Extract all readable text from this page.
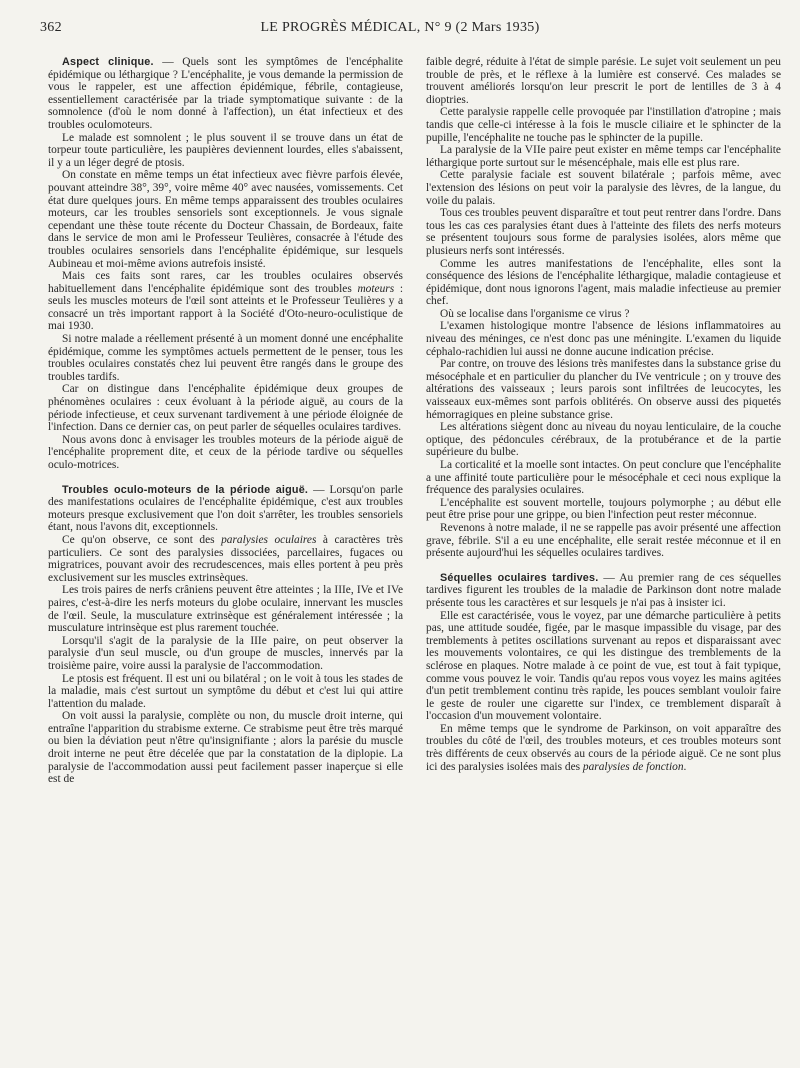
362	LE PROGRÈS MÉDICAL, N° 9 (2 Mars 1935)

Aspect clinique. — Quels sont les symptômes de l'encéphalite épidémique ou léthargique ? L'encéphalite, je vous demande la permission de vous le rappeler, est une affection épidémique, fébrile, contagieuse, essentiellement caractérisée par la triade symptomatique suivante : de la somnolence (d'où le nom donné à l'affection), un état infectieux et des troubles oculomoteurs.

Le malade est somnolent ; le plus souvent il se trouve dans un état de torpeur toute particulière, les paupières deviennent lourdes, elles s'abaissent, il y a un léger degré de ptosis.

On constate en même temps un état infectieux avec fièvre parfois élevée, pouvant atteindre 38°, 39°, voire même 40° avec nausées, vomissements. Cet état dure quelques jours. En même temps apparaissent des troubles oculaires moteurs, car les troubles sensoriels sont exceptionnels. Je vous signale cependant une thèse toute récente du Docteur Chassain, de Bordeaux, faite dans le service de mon ami le Professeur Teulières, consacrée à l'étude des troubles oculaires sensoriels dans l'encéphalite épidémique, sur lesquels Aubineau et moi-même avions autrefois insisté.

Mais ces faits sont rares, car les troubles oculaires observés habituellement dans l'encéphalite épidémique sont des troubles moteurs : seuls les muscles moteurs de l'œil sont atteints et le Professeur Teulières y a consacré un très important rapport à la Société d'Oto-neuro-oculistique de mai 1930.

Si notre malade a réellement présenté à un moment donné une encéphalite épidémique, comme les symptômes actuels permettent de le penser, tous les troubles oculaires constatés chez lui peuvent être rangés dans le groupe des troubles tardifs.

Car on distingue dans l'encéphalite épidémique deux groupes de phénomènes oculaires : ceux évoluant à la période aiguë, au cours de la période infectieuse, et ceux survenant tardivement à une période éloignée de l'infection. Dans ce dernier cas, on peut parler de séquelles oculaires tardives.

Nous avons donc à envisager les troubles moteurs de la période aiguë de l'encéphalite proprement dite, et ceux de la période tardive ou séquelles oculo-motrices.

Troubles oculo-moteurs de la période aiguë. — Lorsqu'on parle des manifestations oculaires de l'encéphalite épidémique, c'est aux troubles moteurs presque exclusivement que l'on doit s'arrêter, les troubles sensoriels étant, nous l'avons dit, exceptionnels.

Ce qu'on observe, ce sont des paralysies oculaires à caractères très particuliers. Ce sont des paralysies dissociées, parcellaires, fugaces ou migratrices, pouvant avoir des recrudescences, mais elles portent à peu près exclusivement sur les muscles extrinsèques.

Les trois paires de nerfs crâniens peuvent être atteintes ; la IIIe, IVe et IVe paires, c'est-à-dire les nerfs moteurs du globe oculaire, innervant les muscles de l'œil. Seule, la musculature extrinsèque est généralement intéressée ; la musculature intrinsèque est plus rarement touchée.

Lorsqu'il s'agit de la paralysie de la IIIe paire, on peut observer la paralysie d'un seul muscle, ou d'un groupe de muscles, innervés par la troisième paire, voire aussi la paralysie de l'accommodation.

Le ptosis est fréquent. Il est uni ou bilatéral ; on le voit à tous les stades de la maladie, mais c'est surtout un symptôme du début et c'est lui qui attire l'attention du malade.

On voit aussi la paralysie, complète ou non, du muscle droit interne, qui entraîne l'apparition du strabisme externe. Ce strabisme peut être très marqué ou bien la déviation peut n'être qu'insignifiante ; alors la parésie du muscle droit interne ne peut être décelée que par la constatation de la diplopie. La paralysie de l'accommodation aussi peut facilement passer inaperçue si elle est de

faible degré, réduite à l'état de simple parésie. Le sujet voit seulement un peu trouble de près, et le réflexe à la lumière est conservé. Ces malades se trouvent améliorés lorsqu'on leur prescrit le port de lentilles de 3 à 4 dioptries.

Cette paralysie rappelle celle provoquée par l'instillation d'atropine ; mais tandis que celle-ci intéresse à la fois le muscle ciliaire et le sphincter de la pupille, l'encéphalite ne touche pas le sphincter de la pupille.

La paralysie de la VIIe paire peut exister en même temps car l'encéphalite léthargique porte surtout sur le mésencéphale, mais elle est plus rare.

Cette paralysie faciale est souvent bilatérale ; parfois même, avec l'extension des lésions on peut voir la paralysie des lèvres, de la langue, du voile du palais.

Tous ces troubles peuvent disparaître et tout peut rentrer dans l'ordre. Dans tous les cas ces paralysies étant dues à l'atteinte des filets des nerfs moteurs se présentent toujours sous forme de paralysies isolées, alors même que plusieurs nerfs sont intéressés.

Comme les autres manifestations de l'encéphalite, elles sont la conséquence des lésions de l'encéphalite léthargique, maladie contagieuse et épidémique, dont nous ignorons l'agent, mais maladie infectieuse au premier chef.

Où se localise dans l'organisme ce virus ?

L'examen histologique montre l'absence de lésions inflammatoires au niveau des méninges, ce n'est donc pas une méningite. L'examen du liquide céphalo-rachidien lui aussi ne donne aucune indication précise.

Par contre, on trouve des lésions très manifestes dans la substance grise du mésocéphale et en particulier du plancher du IVe ventricule ; on y trouve des altérations des vaisseaux ; leurs parois sont infiltrées de leucocytes, les vaisseaux eux-mêmes sont parfois oblitérés. On observe aussi des piquetés hémorragiques en pleine substance grise.

Les altérations siègent donc au niveau du noyau lenticulaire, de la couche optique, des pédoncules cérébraux, de la protubérance et de la partie supérieure du bulbe.

La corticalité et la moelle sont intactes. On peut conclure que l'encéphalite a une affinité toute particulière pour le mésocéphale et ceci nous explique la fréquence des paralysies oculaires.

L'encéphalite est souvent mortelle, toujours polymorphe ; au début elle peut être prise pour une grippe, ou bien l'infection peut rester méconnue.

Revenons à notre malade, il ne se rappelle pas avoir présenté une affection grave, fébrile. S'il a eu une encéphalite, elle serait restée méconnue et il en présente aujourd'hui les séquelles oculaires tardives.

Séquelles oculaires tardives. — Au premier rang de ces séquelles tardives figurent les troubles de la maladie de Parkinson dont notre malade présente tous les caractères et sur lesquels je n'ai pas à insister ici.

Elle est caractérisée, vous le voyez, par une démarche particulière à petits pas, une attitude soudée, figée, par le masque impassible du visage, par des tremblements à petites oscillations survenant au repos et disparaissant avec les mouvements volontaires, ce qui les distingue des tremblements de la sclérose en plaques. Notre malade à ce point de vue, est tout à fait typique, comme vous pouvez le voir. Tandis qu'au repos vous voyez les mains agitées d'un petit tremblement continu très rapide, les pouces semblant vouloir faire le geste de rouler une cigarette sur l'index, ce tremblement disparaît à l'occasion d'un mouvement volontaire.

En même temps que le syndrome de Parkinson, on voit apparaître des troubles du côté de l'œil, des troubles moteurs, et ces troubles moteurs sont très différents de ceux observés au cours de la période aiguë. Ce ne sont plus ici des paralysies isolées mais des paralysies de fonction.
